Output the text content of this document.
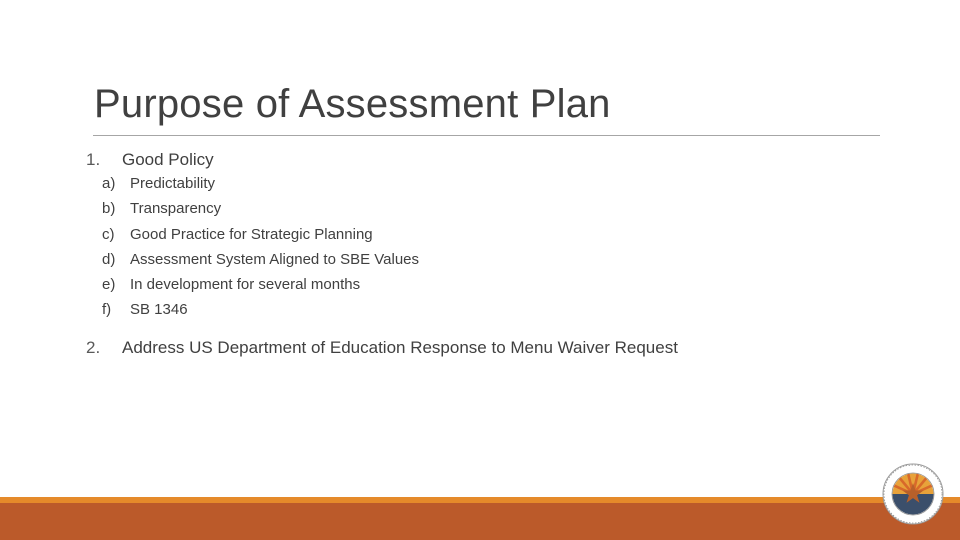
Purpose of Assessment Plan
1. Good Policy
a) Predictability
b) Transparency
c) Good Practice for Strategic Planning
d) Assessment System Aligned to SBE Values
e) In development for several months
f) SB 1346
2. Address US Department of Education Response to Menu Waiver Request
